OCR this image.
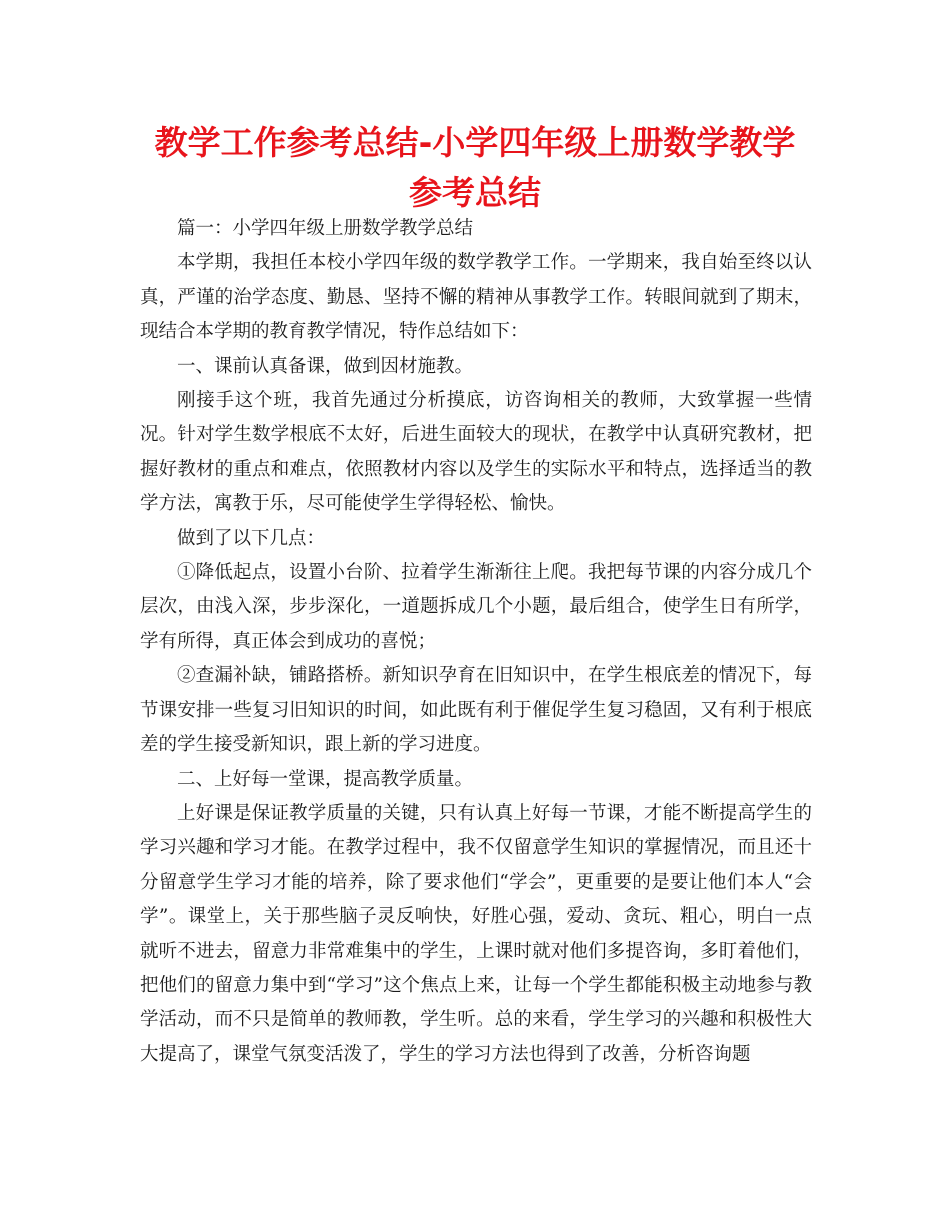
教学工作参考总结-小学四年级上册数学教学参考总结

篇一：小学四年级上册数学教学总结

本学期，我担任本校小学四年级的数学教学工作。一学期来，我自始至终以认真，严谨的治学态度、勤恳、坚持不懈的精神从事教学工作。转眼间就到了期末，现结合本学期的教育教学情况，特作总结如下：

一、课前认真备课，做到因材施教。

刚接手这个班，我首先通过分析摸底，访咨询相关的教师，大致掌握一些情况。针对学生数学根底不太好，后进生面较大的现状，在教学中认真研究教材，把握好教材的重点和难点，依照教材内容以及学生的实际水平和特点，选择适当的教学方法，寓教于乐，尽可能使学生学得轻松、愉快。

做到了以下几点：

①降低起点，设置小台阶、拉着学生渐渐往上爬。我把每节课的内容分成几个层次，由浅入深，步步深化，一道题拆成几个小题，最后组合，使学生日有所学，学有所得，真正体会到成功的喜悦；

②查漏补缺，铺路搭桥。新知识孕育在旧知识中，在学生根底差的情况下，每节课安排一些复习旧知识的时间，如此既有利于催促学生复习稳固，又有利于根底差的学生接受新知识，跟上新的学习进度。

二、上好每一堂课，提高教学质量。

上好课是保证教学质量的关键，只有认真上好每一节课，才能不断提高学生的学习兴趣和学习才能。在教学过程中，我不仅留意学生知识的掌握情况，而且还十分留意学生学习才能的培养，除了要求他们“学会”，更重要的是要让他们本人“会学”。课堂上，关于那些脑子灵反响快，好胜心强，爱动、贪玩、粗心，明白一点就听不进去，留意力非常难集中的学生，上课时就对他们多提咨询，多盯着他们，把他们的留意力集中到“学习”这个焦点上来，让每一个学生都能积极主动地参与教学活动，而不只是简单的教师教，学生听。总的来看，学生学习的兴趣和积极性大大提高了，课堂气氛变活泼了，学生的学习方法也得到了改善，分析咨询题
